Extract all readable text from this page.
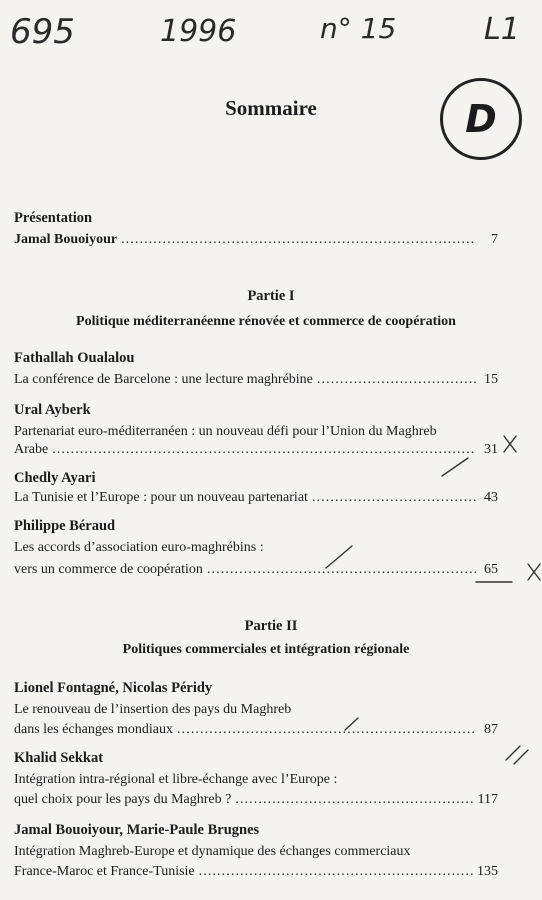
695	1996	n° 15	L1
D
Sommaire
Présentation
Jamal Bouoiyour . . .	7
Partie I
Politique méditerranéenne rénovée et commerce de coopération
Fathallah Oualalou
La conférence de Barcelone : une lecture maghrébine . . .	15
Ural Ayberk
Partenariat euro-méditerranéen : un nouveau défi pour l’Union du Maghreb
Arabe . . .	31
Chedly Ayari
La Tunisie et l’Europe : pour un nouveau partenariat . . .	43
Philippe Béraud
Les accords d’association euro-maghrébins :
vers un commerce de coopération . . .	65
Partie II
Politiques commerciales et intégration régionale
Lionel Fontagné, Nicolas Péridy
Le renouveau de l’insertion des pays du Maghreb
dans les échanges mondiaux . . .	87
Khalid Sekkat
Intégration intra-régional et libre-échange avec l’Europe :
quel choix pour les pays du Maghreb ? . . .	117
Jamal Bouoiyour, Marie-Paule Brugnes
Intégration Maghreb-Europe et dynamique des échanges commerciaux
France-Maroc et France-Tunisie . . .	135
